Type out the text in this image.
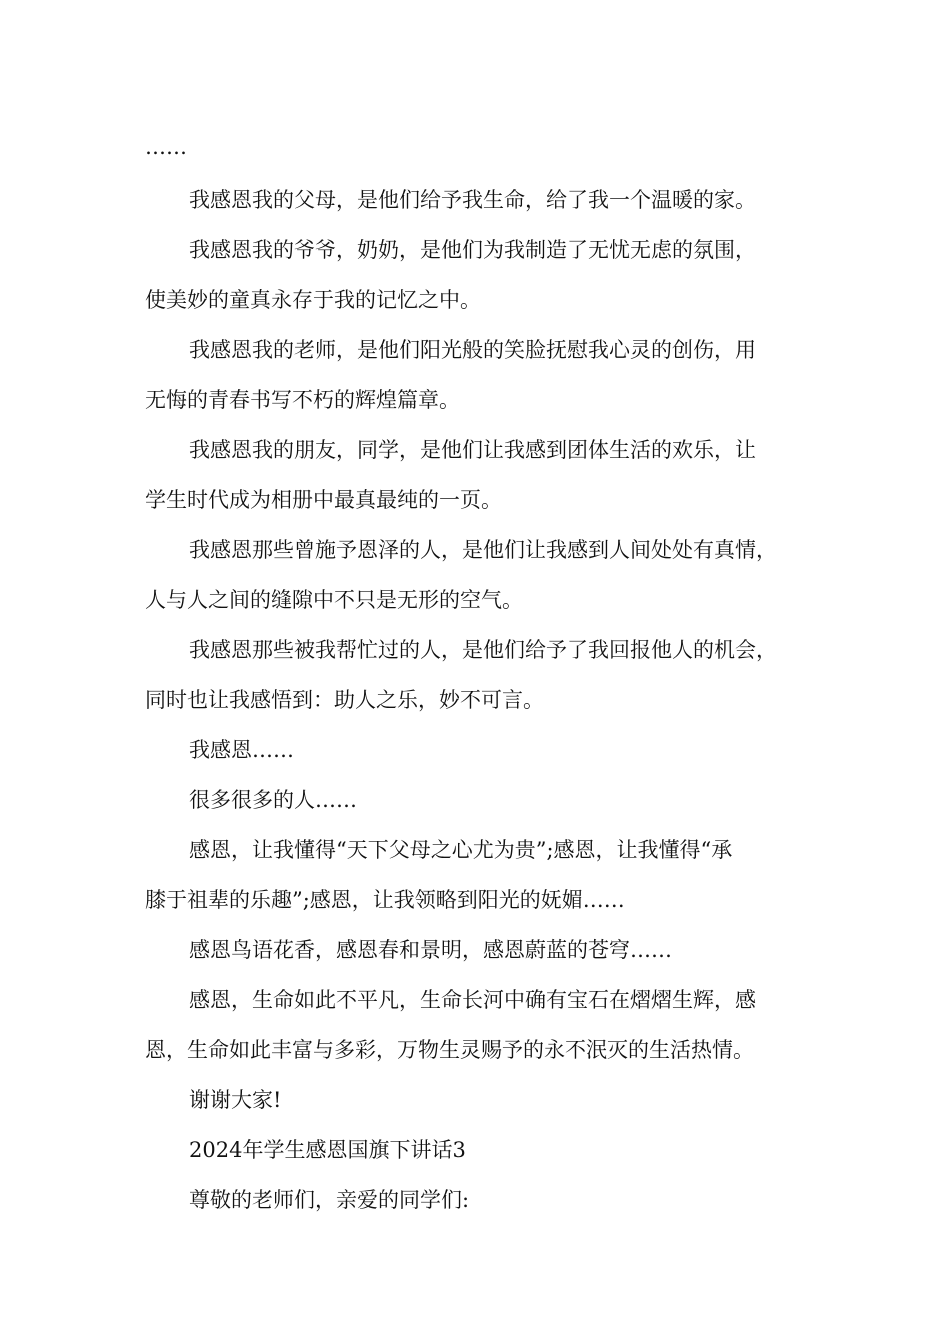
……
我感恩我的父母，是他们给予我生命，给了我一个温暖的家。
我感恩我的爷爷，奶奶，是他们为我制造了无忧无虑的氛围，
使美妙的童真永存于我的记忆之中。
我感恩我的老师，是他们阳光般的笑脸抚慰我心灵的创伤，用
无悔的青春书写不朽的辉煌篇章。
我感恩我的朋友，同学，是他们让我感到团体生活的欢乐，让
学生时代成为相册中最真最纯的一页。
我感恩那些曾施予恩泽的人，是他们让我感到人间处处有真情，
人与人之间的缝隙中不只是无形的空气。
我感恩那些被我帮忙过的人，是他们给予了我回报他人的机会，
同时也让我感悟到：助人之乐，妙不可言。
我感恩……
很多很多的人……
感恩，让我懂得“天下父母之心尤为贵”;感恩，让我懂得“承
膝于祖辈的乐趣”;感恩，让我领略到阳光的妩媚……
感恩鸟语花香，感恩春和景明，感恩蔚蓝的苍穹……
感恩，生命如此不平凡，生命长河中确有宝石在熠熠生辉，感
恩，生命如此丰富与多彩，万物生灵赐予的永不泯灭的生活热情。
谢谢大家!
2024年学生感恩国旗下讲话3
尊敬的老师们，亲爱的同学们:
